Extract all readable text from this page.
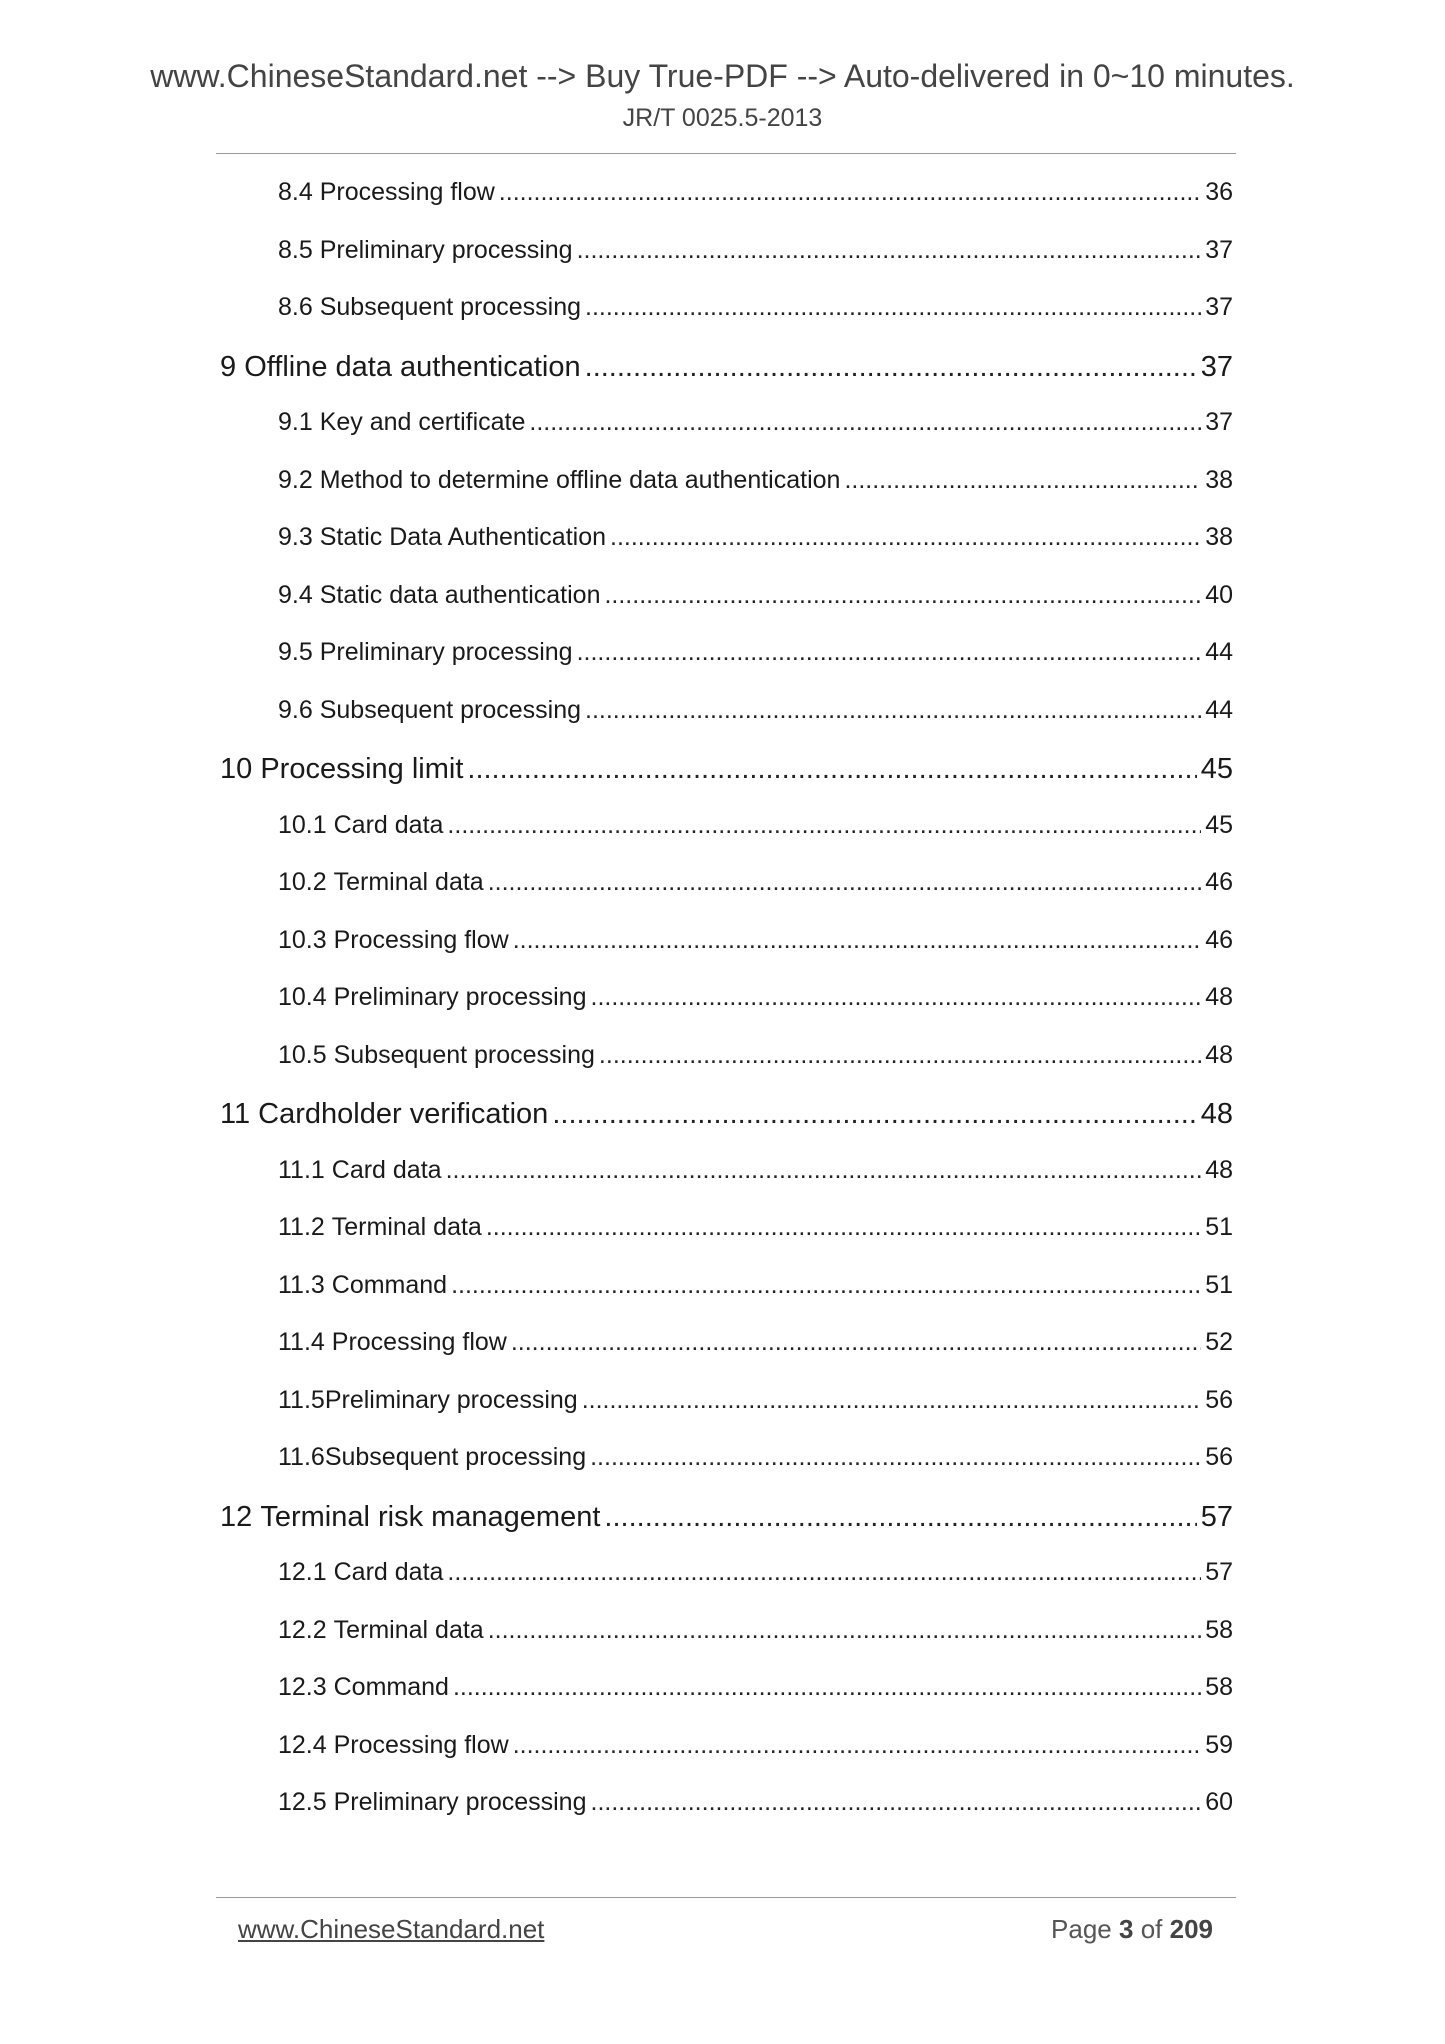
www.ChineseStandard.net --> Buy True-PDF --> Auto-delivered in 0~10 minutes.
JR/T 0025.5-2013
8.4 Processing flow .....	36
8.5 Preliminary processing .....	37
8.6 Subsequent processing .....	37
9 Offline data authentication .....	37
9.1 Key and certificate .....	37
9.2 Method to determine offline data authentication .....	38
9.3 Static Data Authentication .....	38
9.4 Static data authentication .....	40
9.5 Preliminary processing .....	44
9.6 Subsequent processing .....	44
10 Processing limit .....	45
10.1 Card data .....	45
10.2 Terminal data .....	46
10.3 Processing flow .....	46
10.4 Preliminary processing .....	48
10.5 Subsequent processing .....	48
11 Cardholder verification .....	48
11.1 Card data .....	48
11.2 Terminal data .....	51
11.3 Command .....	51
11.4 Processing flow .....	52
11.5 Preliminary processing .....	56
11.6 Subsequent processing .....	56
12 Terminal risk management .....	57
12.1 Card data .....	57
12.2 Terminal data .....	58
12.3 Command .....	58
12.4 Processing flow .....	59
12.5 Preliminary processing .....	60
www.ChineseStandard.net	Page 3 of 209
